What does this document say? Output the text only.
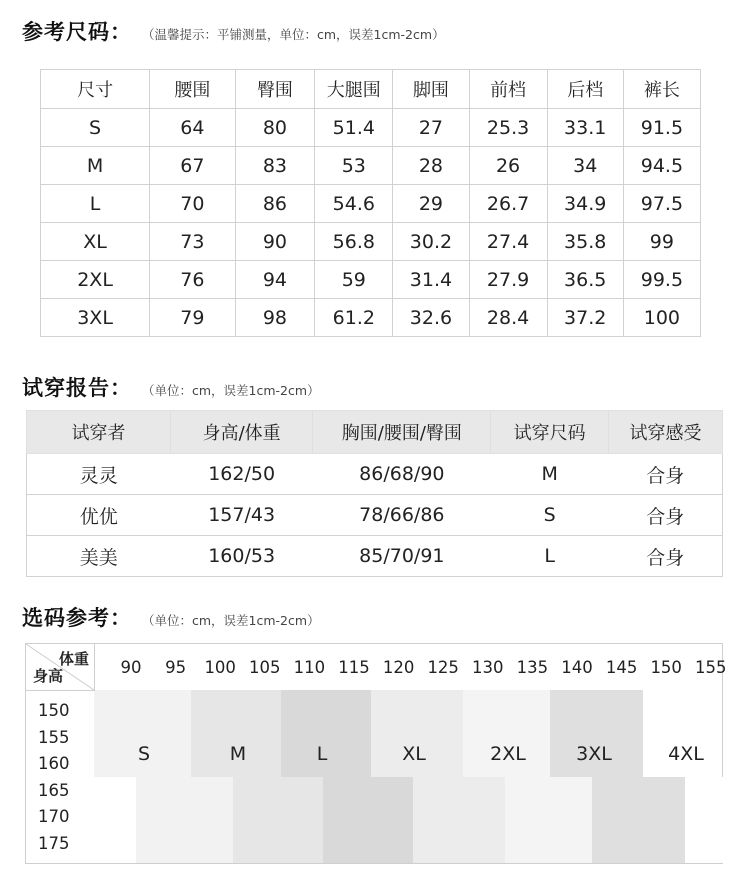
参考尺码： （温馨提示：平铺测量，单位：cm，误差1cm-2cm）
尺寸	腰围	臀围	大腿围	脚围	前档	后档	裤长
S	64	80	51.4	27	25.3	33.1	91.5
M	67	83	53	28	26	34	94.5
L	70	86	54.6	29	26.7	34.9	97.5
XL	73	90	56.8	30.2	27.4	35.8	99
2XL	76	94	59	31.4	27.9	36.5	99.5
3XL	79	98	61.2	32.6	28.4	37.2	100
试穿报告： （单位：cm，误差1cm-2cm）
试穿者	身高/体重	胸围/腰围/臀围	试穿尺码	试穿感受
灵灵	162/50	86/68/90	M	合身
优优	157/43	78/66/86	S	合身
美美	160/53	85/70/91	L	合身
选码参考： （单位：cm，误差1cm-2cm）
90 95 100 105 110 115 120 125 130 135 140 145 150 155
150
155
160
165
170
175
S	M	L	XL	2XL	3XL	4XL
体重
身高
